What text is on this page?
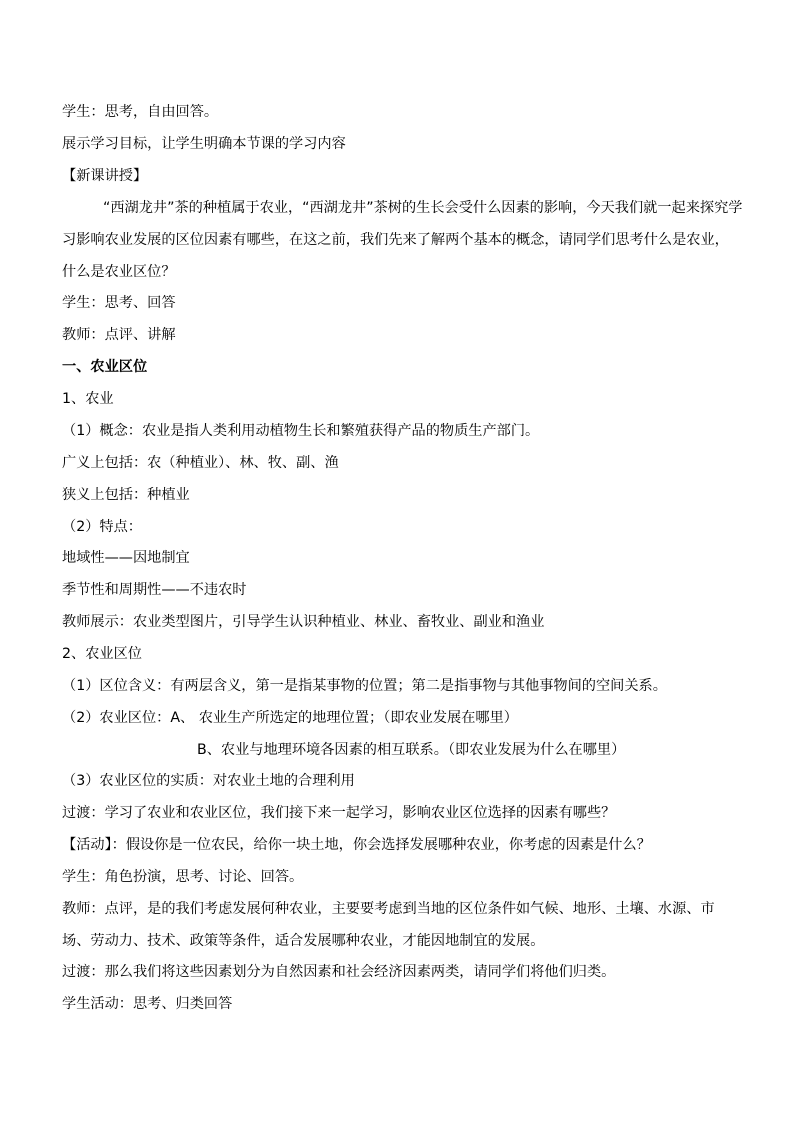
学生：思考，自由回答。
展示学习目标，让学生明确本节课的学习内容
【新课讲授】
“西湖龙井”茶的种植属于农业，“西湖龙井”茶树的生长会受什么因素的影响，今天我们就一起来探究学
习影响农业发展的区位因素有哪些，在这之前，我们先来了解两个基本的概念，请同学们思考什么是农业，
什么是农业区位？
学生：思考、回答
教师：点评、讲解
一、农业区位
1、农业
（1）概念：农业是指人类利用动植物生长和繁殖获得产品的物质生产部门。
广义上包括：农（种植业）、林、牧、副、渔
狭义上包括：种植业
（2）特点：
地域性——因地制宜
季节性和周期性——不违农时
教师展示：农业类型图片，引导学生认识种植业、林业、畜牧业、副业和渔业
2、农业区位
（1）区位含义：有两层含义，第一是指某事物的位置；第二是指事物与其他事物间的空间关系。
（2）农业区位：A、 农业生产所选定的地理位置；（即农业发展在哪里）
B、农业与地理环境各因素的相互联系。（即农业发展为什么在哪里）
（3）农业区位的实质：对农业土地的合理利用
过渡：学习了农业和农业区位，我们接下来一起学习，影响农业区位选择的因素有哪些？
【活动】：假设你是一位农民，给你一块土地，你会选择发展哪种农业，你考虑的因素是什么？
学生：角色扮演，思考、讨论、回答。
教师：点评，是的我们考虑发展何种农业，主要要考虑到当地的区位条件如气候、地形、土壤、水源、市
场、劳动力、技术、政策等条件，适合发展哪种农业，才能因地制宜的发展。
过渡：那么我们将这些因素划分为自然因素和社会经济因素两类，请同学们将他们归类。
学生活动：思考、归类回答
